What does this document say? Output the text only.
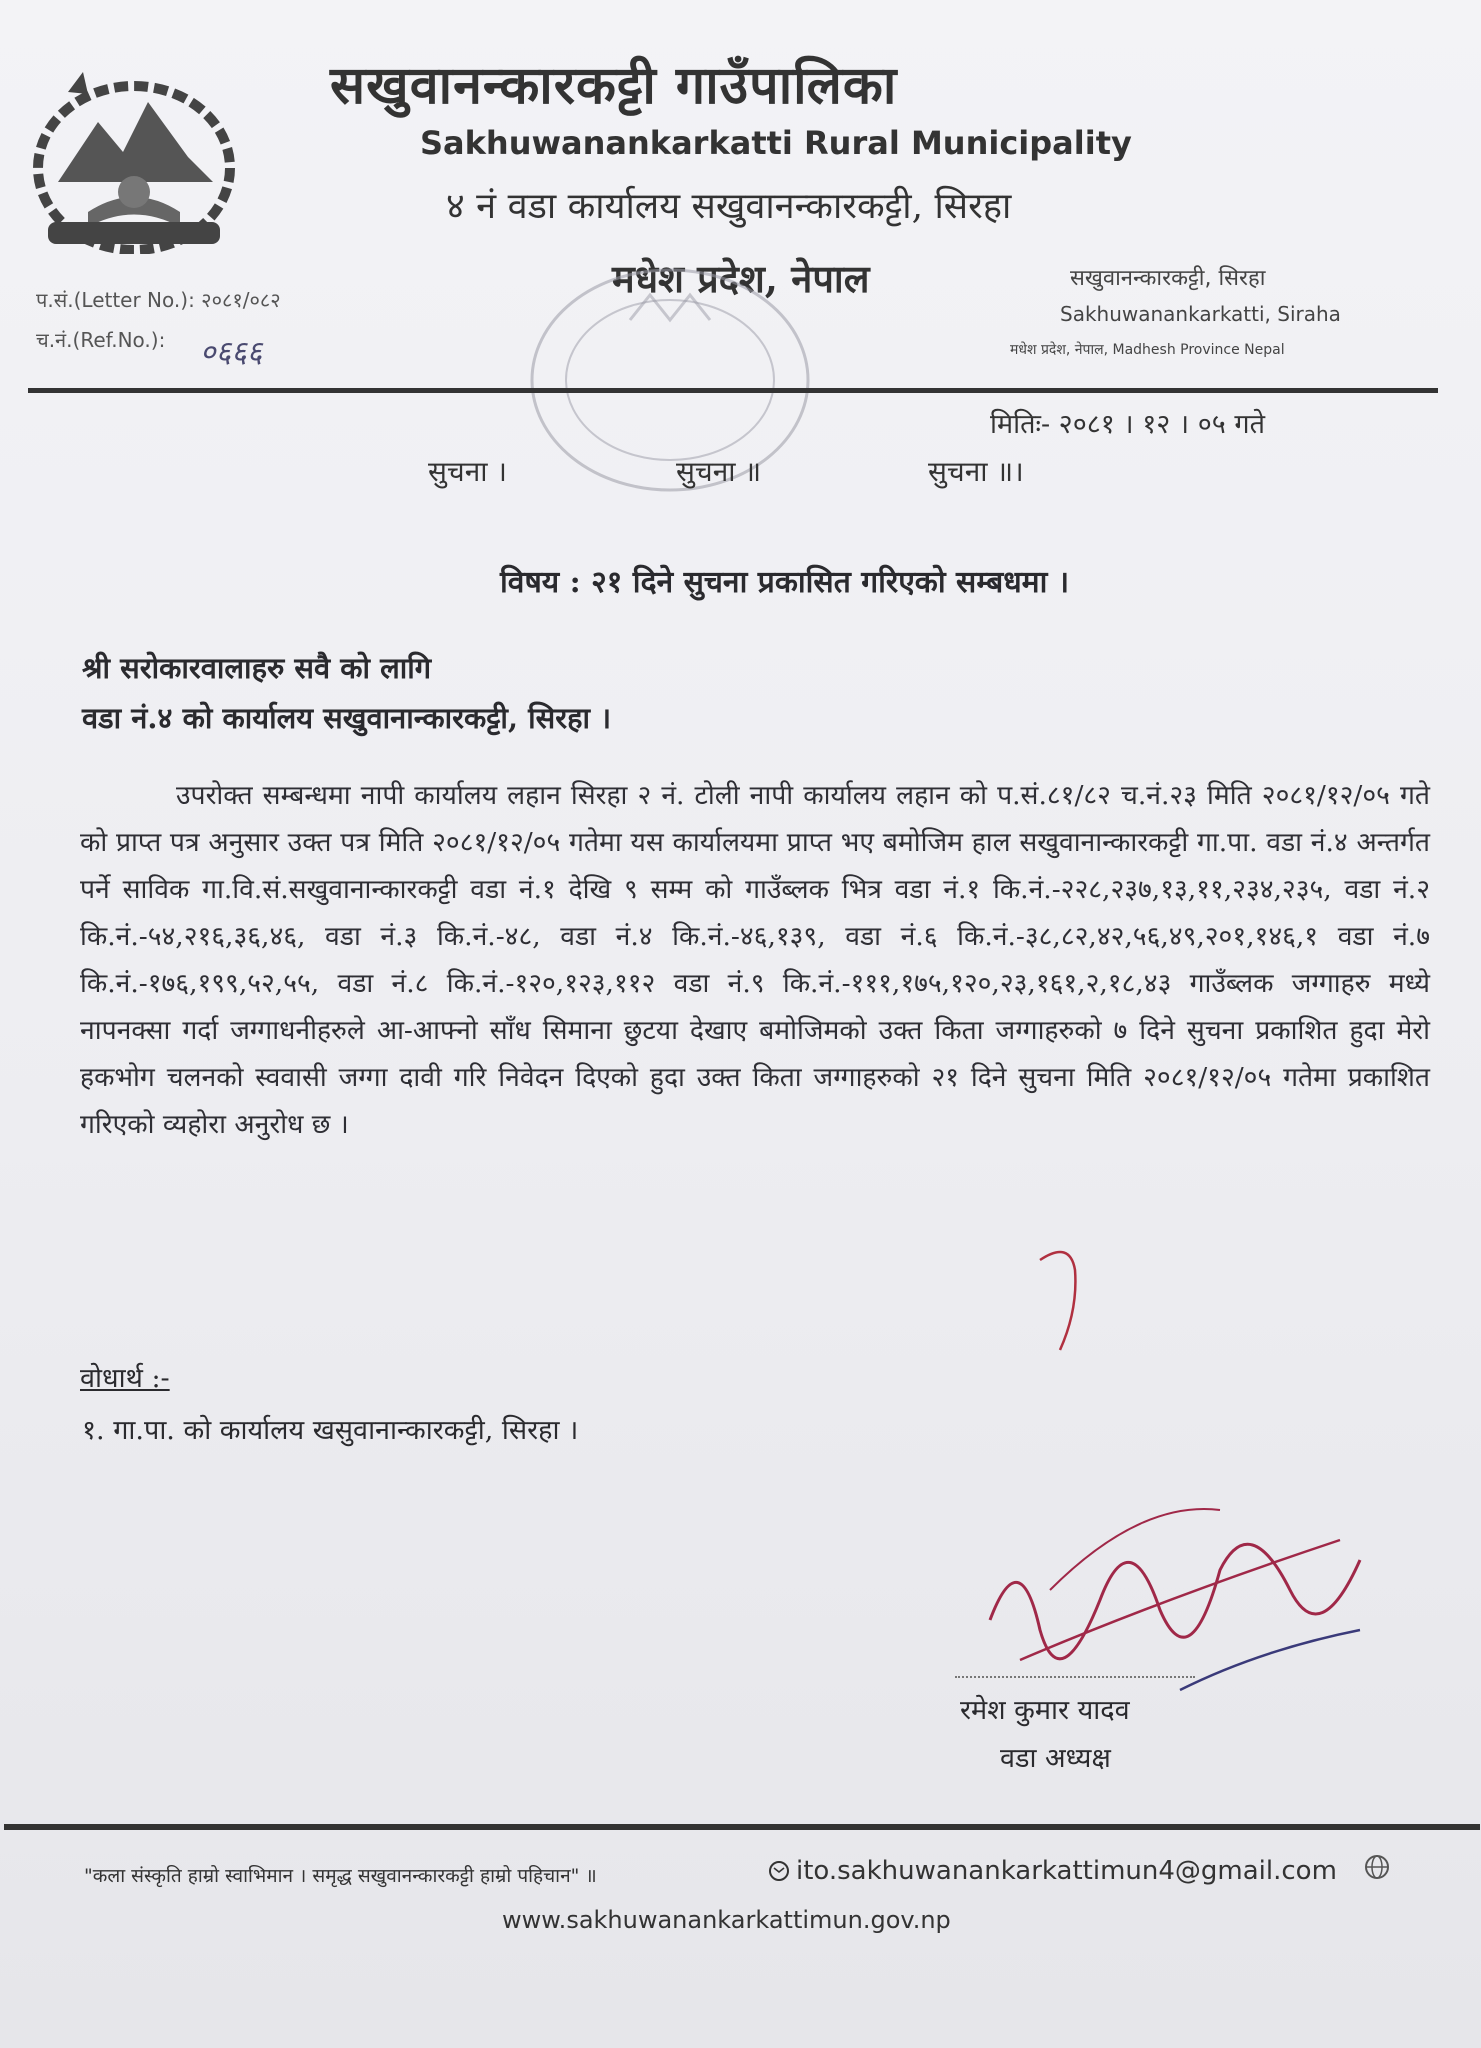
सखुवानन्कारकट्टी गाउँपालिका
Sakhuwanankarkatti Rural Municipality
४ नं वडा कार्यालय सखुवानन्कारकट्टी, सिरहा
मधेश प्रदेश, नेपाल	सखुवानन्कारकट्टी, सिरहा
Sakhuwanankarkatti, Siraha
मधेश प्रदेश, नेपाल, Madhesh Province Nepal
प.सं.(Letter No.): २०८१/०८२
च.नं.(Ref.No.): ०६६६
मितिः- २०८१ । १२ । ०५ गते
सुचना ।	सुचना ॥	सुचना ॥।
विषय : २१ दिने सुचना प्रकासित गरिएको सम्बधमा ।
श्री सरोकारवालाहरु सवै को लागि
वडा नं.४ को कार्यालय सखुवानान्कारकट्टी, सिरहा ।
उपरोक्त सम्बन्धमा नापी कार्यालय लहान सिरहा २ नं. टोली नापी कार्यालय लहान को प.सं.८१/८२ च.नं.२३ मिति २०८१/१२/०५ गते को प्राप्त पत्र अनुसार उक्त पत्र मिति २०८१/१२/०५ गतेमा यस कार्यालयमा प्राप्त भए बमोजिम हाल सखुवानान्कारकट्टी गा.पा. वडा नं.४ अन्तर्गत पर्ने साविक गा.वि.सं.सखुवानान्कारकट्टी वडा नं.१ देखि ९ सम्म को गाउँब्लक भित्र वडा नं.१ कि.नं.-२२८,२३७,१३,११,२३४,२३५, वडा नं.२ कि.नं.-५४,२१६,३६,४६, वडा नं.३ कि.नं.-४८, वडा नं.४ कि.नं.-४६,१३९, वडा नं.६ कि.नं.-३८,८२,४२,५६,४९,२०१,१४६,१ वडा नं.७ कि.नं.-१७६,१९९,५२,५५, वडा नं.८ कि.नं.-१२०,१२३,११२ वडा नं.९ कि.नं.-१११,१७५,१२०,२३,१६१,२,१८,४३ गाउँब्लक जग्गाहरु मध्ये नापनक्सा गर्दा जग्गाधनीहरुले आ-आफ्नो साँध सिमाना छुटया देखाए बमोजिमको उक्त किता जग्गाहरुको ७ दिने सुचना प्रकाशित हुदा मेरो हकभोग चलनको स्ववासी जग्गा दावी गरि निवेदन दिएको हुदा उक्त किता जग्गाहरुको २१ दिने सुचना मिति २०८१/१२/०५ गतेमा प्रकाशित गरिएको व्यहोरा अनुरोध छ ।
वोधार्थ :-
१. गा.पा. को कार्यालय खसुवानान्कारकट्टी, सिरहा ।
रमेश कुमार यादव
वडा अध्यक्ष
"कला संस्कृति हाम्रो स्वाभिमान । समृद्ध सखुवानन्कारकट्टी हाम्रो पहिचान" ॥	ito.sakhuwanankarkattimun4@gmail.com
www.sakhuwanankarkattimun.gov.np
